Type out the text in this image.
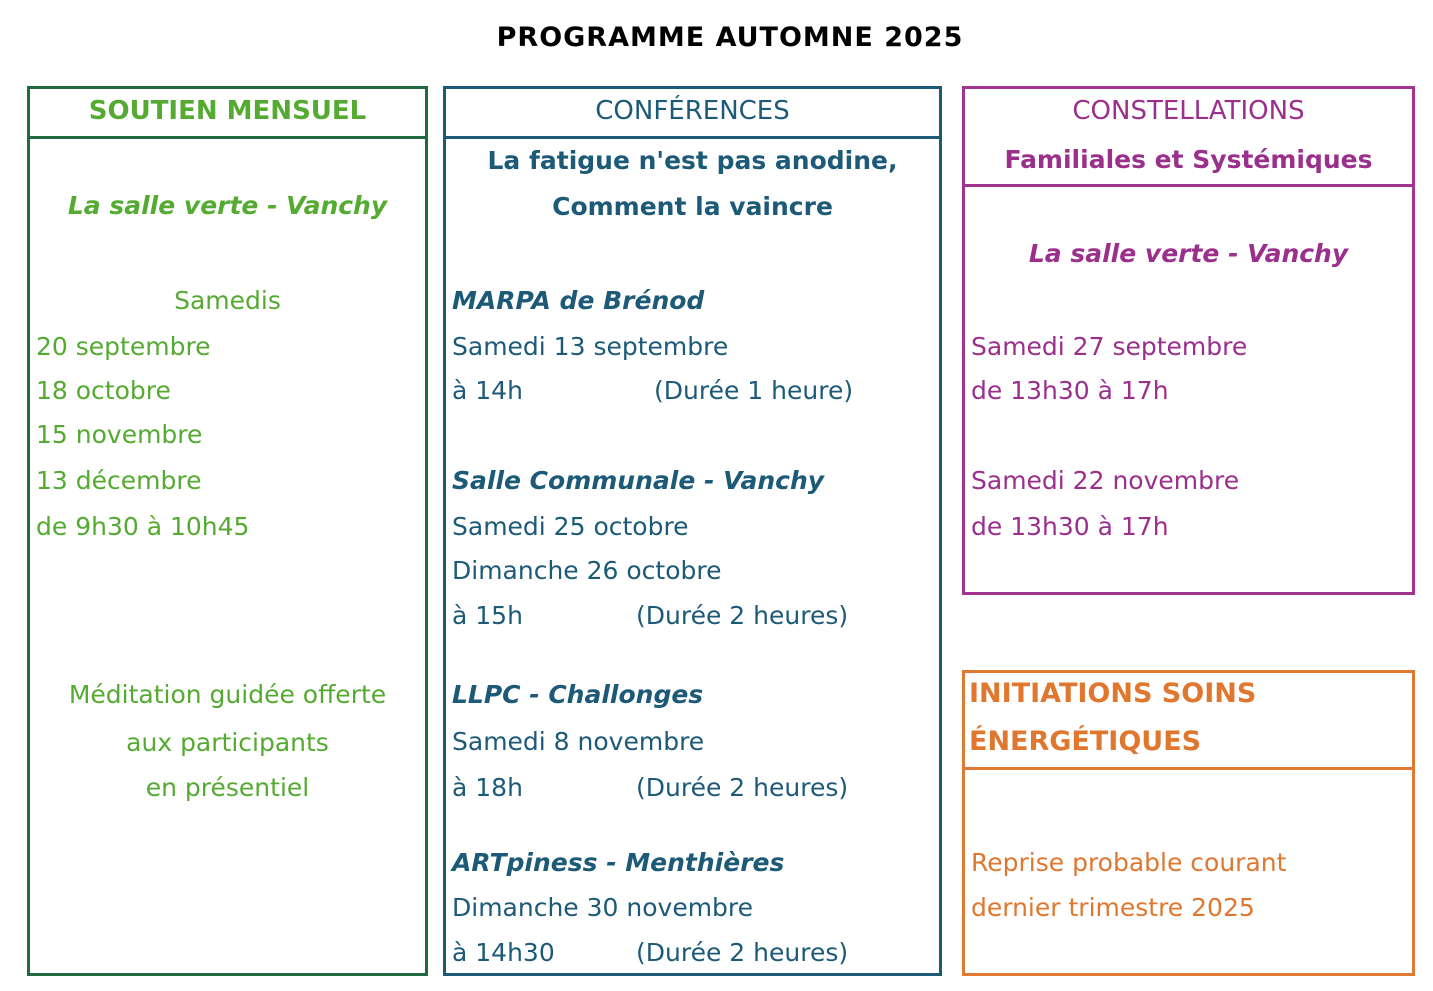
PROGRAMME AUTOMNE 2025
SOUTIEN MENSUEL
La salle verte - Vanchy
Samedis
20 septembre
18 octobre
15 novembre
13 décembre
de 9h30 à 10h45
Méditation guidée offerte
aux participants
en présentiel
CONFÉRENCES
La fatigue n'est pas anodine,
Comment la vaincre
MARPA de Brénod
Samedi 13 septembre
à 14h	(Durée 1 heure)
Salle Communale - Vanchy
Samedi 25 octobre
Dimanche 26 octobre
à 15h	(Durée 2 heures)
LLPC - Challonges
Samedi 8 novembre
à 18h	(Durée 2 heures)
ARTpiness - Menthières
Dimanche 30 novembre
à 14h30	(Durée 2 heures)
CONSTELLATIONS
Familiales et Systémiques
La salle verte - Vanchy
Samedi 27 septembre
de 13h30 à 17h
Samedi 22 novembre
de 13h30 à 17h
INITIATIONS SOINS
ÉNERGÉTIQUES
Reprise probable courant
dernier trimestre 2025
